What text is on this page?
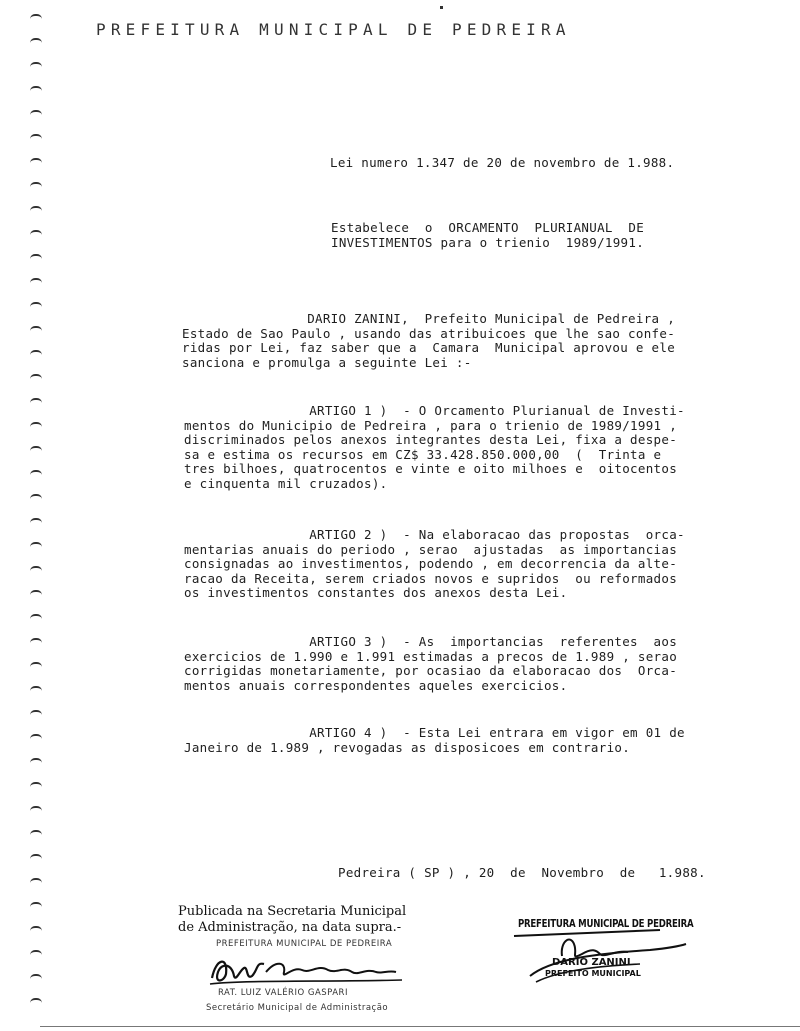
PREFEITURA MUNICIPAL DE PEDREIRA
Lei numero 1.347 de 20 de novembro de 1.988.
Estabelece  o  ORCAMENTO  PLURIANUAL  DE
INVESTIMENTOS para o trienio  1989/1991.
DARIO ZANINI,  Prefeito Municipal de Pedreira ,
Estado de Sao Paulo , usando das atribuicoes que lhe sao confe-
ridas por Lei, faz saber que a  Camara  Municipal aprovou e ele
sanciona e promulga a seguinte Lei :-
ARTIGO 1 )  - O Orcamento Plurianual de Investi-
mentos do Municipio de Pedreira , para o trienio de 1989/1991 ,
discriminados pelos anexos integrantes desta Lei, fixa a despe-
sa e estima os recursos em CZ$ 33.428.850.000,00  (  Trinta e
tres bilhoes, quatrocentos e vinte e oito milhoes e  oitocentos
e cinquenta mil cruzados).
ARTIGO 2 )  - Na elaboracao das propostas  orca-
mentarias anuais do periodo , serao  ajustadas  as importancias
consignadas ao investimentos, podendo , em decorrencia da alte-
racao da Receita, serem criados novos e supridos  ou reformados
os investimentos constantes dos anexos desta Lei.
ARTIGO 3 )  - As  importancias  referentes  aos
exercicios de 1.990 e 1.991 estimadas a precos de 1.989 , serao
corrigidas monetariamente, por ocasiao da elaboracao dos  Orca-
mentos anuais correspondentes aqueles exercicios.
ARTIGO 4 )  - Esta Lei entrara em vigor em 01 de
Janeiro de 1.989 , revogadas as disposicoes em contrario.
Pedreira ( SP ) , 20  de  Novembro  de   1.988.
Publicada na Secretaria Municipal
de Administração, na data supra.-
PREFEITURA MUNICIPAL DE PEDREIRA
RAT. LUIZ VALÉRIO GASPARI
Secretário Municipal de Administração
PREFEITURA MUNICIPAL DE PEDREIRA
DARIO ZANINI
PREFEITO MUNICIPAL
